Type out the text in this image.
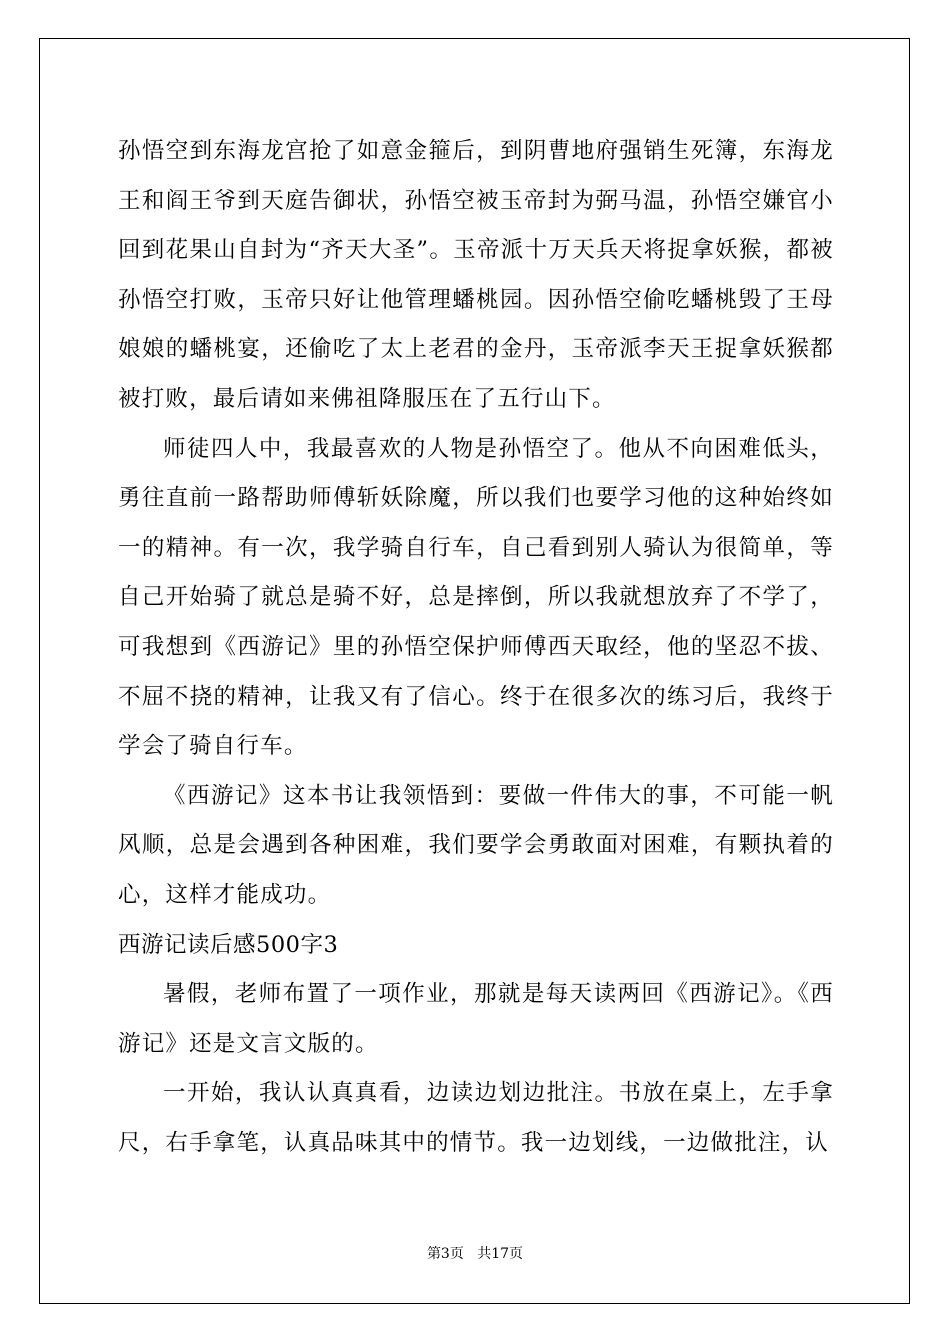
孙悟空到东海龙宫抢了如意金箍后，到阴曹地府强销生死簿，东海龙王和阎王爷到天庭告御状，孙悟空被玉帝封为弼马温，孙悟空嫌官小回到花果山自封为“齐天大圣”。玉帝派十万天兵天将捉拿妖猴，都被孙悟空打败，玉帝只好让他管理蟠桃园。因孙悟空偷吃蟠桃毁了王母娘娘的蟠桃宴，还偷吃了太上老君的金丹，玉帝派李天王捉拿妖猴都被打败，最后请如来佛祖降服压在了五行山下。

师徒四人中，我最喜欢的人物是孙悟空了。他从不向困难低头，勇往直前一路帮助师傅斩妖除魔，所以我们也要学习他的这种始终如一的精神。有一次，我学骑自行车，自己看到别人骑认为很简单，等自己开始骑了就总是骑不好，总是摔倒，所以我就想放弃了不学了，可我想到《西游记》里的孙悟空保护师傅西天取经，他的坚忍不拔、不屈不挠的精神，让我又有了信心。终于在很多次的练习后，我终于学会了骑自行车。

《西游记》这本书让我领悟到：要做一件伟大的事，不可能一帆风顺，总是会遇到各种困难，我们要学会勇敢面对困难，有颗执着的心，这样才能成功。

西游记读后感500字3

暑假，老师布置了一项作业，那就是每天读两回《西游记》。《西游记》还是文言文版的。

一开始，我认认真真看，边读边划边批注。书放在桌上，左手拿尺，右手拿笔，认真品味其中的情节。我一边划线，一边做批注，认

第3页 共17页
